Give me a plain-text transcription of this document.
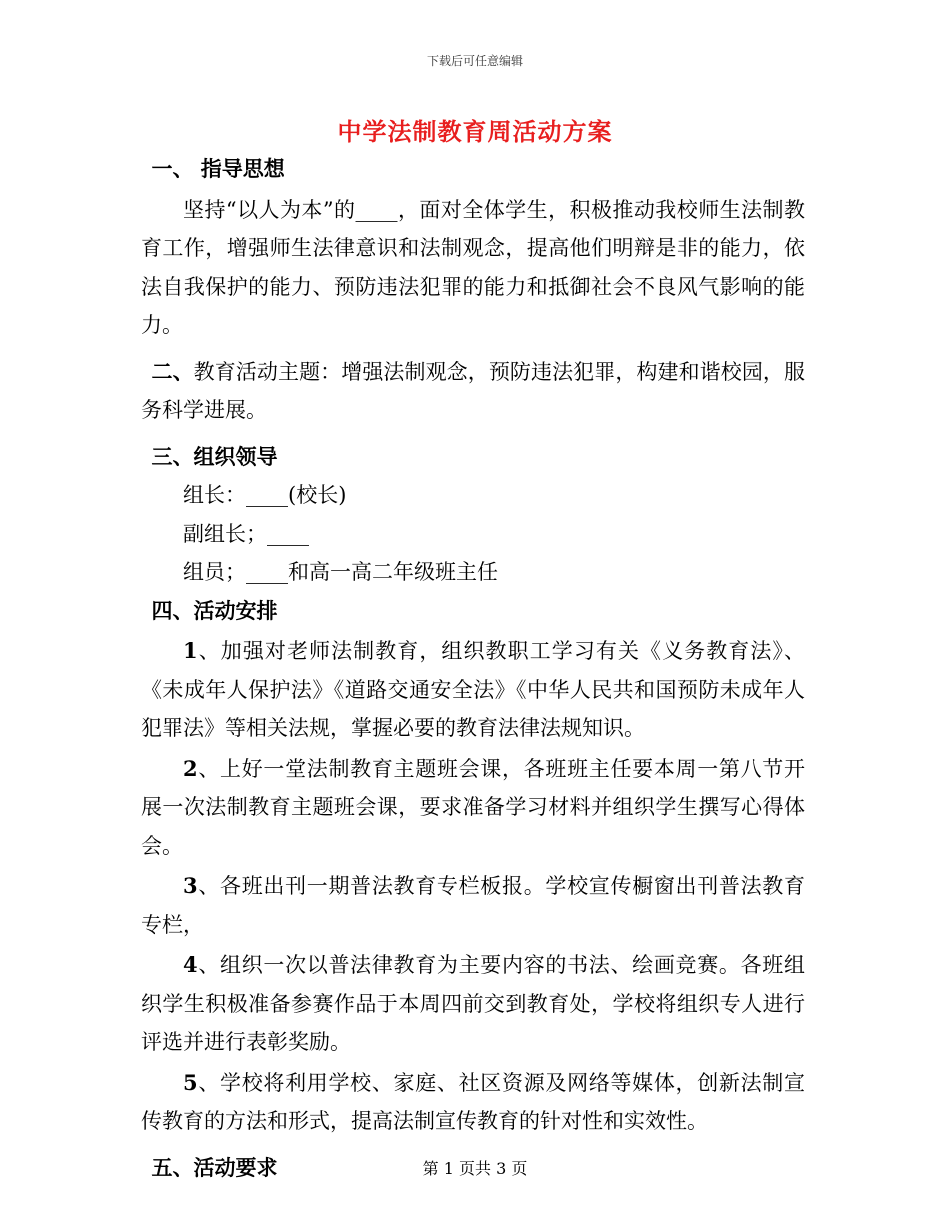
下载后可任意编辑
中学法制教育周活动方案

一、 指导思想

坚持“以人为本”的____，面对全体学生，积极推动我校师生法制教育工作，增强师生法律意识和法制观念，提高他们明辩是非的能力，依法自我保护的能力、预防违法犯罪的能力和抵御社会不良风气影响的能力。

二、教育活动主题：增强法制观念，预防违法犯罪，构建和谐校园，服务科学进展。

三、组织领导

组长：____(校长)

副组长；____

组员；____和高一高二年级班主任

四、活动安排

1、加强对老师法制教育，组织教职工学习有关《义务教育法》、《未成年人保护法》《道路交通安全法》《中华人民共和国预防未成年人犯罪法》等相关法规，掌握必要的教育法律法规知识。

2、上好一堂法制教育主题班会课，各班班主任要本周一第八节开展一次法制教育主题班会课，要求准备学习材料并组织学生撰写心得体会。

3、各班出刊一期普法教育专栏板报。学校宣传橱窗出刊普法教育专栏，

4、组织一次以普法律教育为主要内容的书法、绘画竞赛。各班组织学生积极准备参赛作品于本周四前交到教育处，学校将组织专人进行评选并进行表彰奖励。

5、学校将利用学校、家庭、社区资源及网络等媒体，创新法制宣传教育的方法和形式，提高法制宣传教育的针对性和实效性。

五、活动要求	第 1 页共 3 页
